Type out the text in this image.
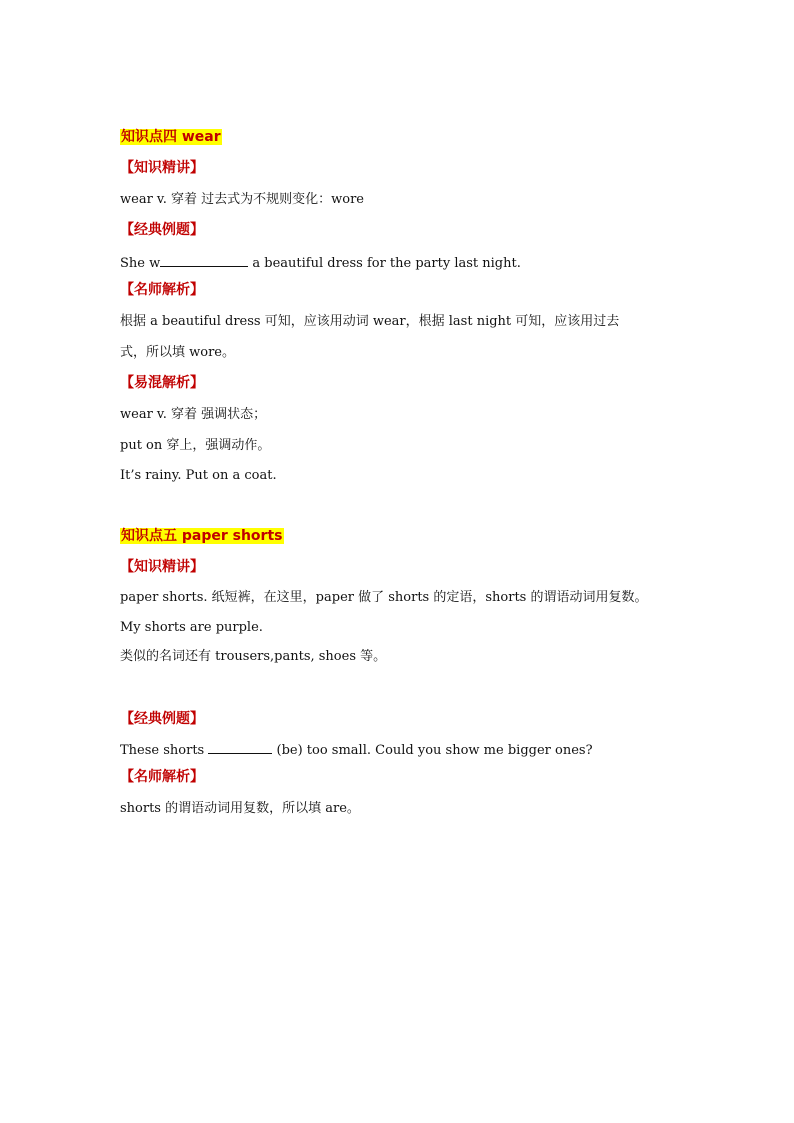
知识点四 wear
【知识精讲】
wear v. 穿着 过去式为不规则变化：wore
【经典例题】
She w	a beautiful dress for the party last night.
【名师解析】
根据 a beautiful dress 可知，应该用动词 wear，根据 last night 可知，应该用过去
式，所以填 wore。
【易混解析】
wear v. 穿着 强调状态；
put on 穿上，强调动作。
It’s rainy. Put on a coat.
知识点五 paper shorts
【知识精讲】
paper shorts. 纸短裤，在这里，paper 做了 shorts 的定语，shorts 的谓语动词用复数。
My shorts are purple.
类似的名词还有 trousers,pants, shoes 等。
【经典例题】
These shorts	(be) too small. Could you show me bigger ones?
【名师解析】
shorts 的谓语动词用复数，所以填 are。
